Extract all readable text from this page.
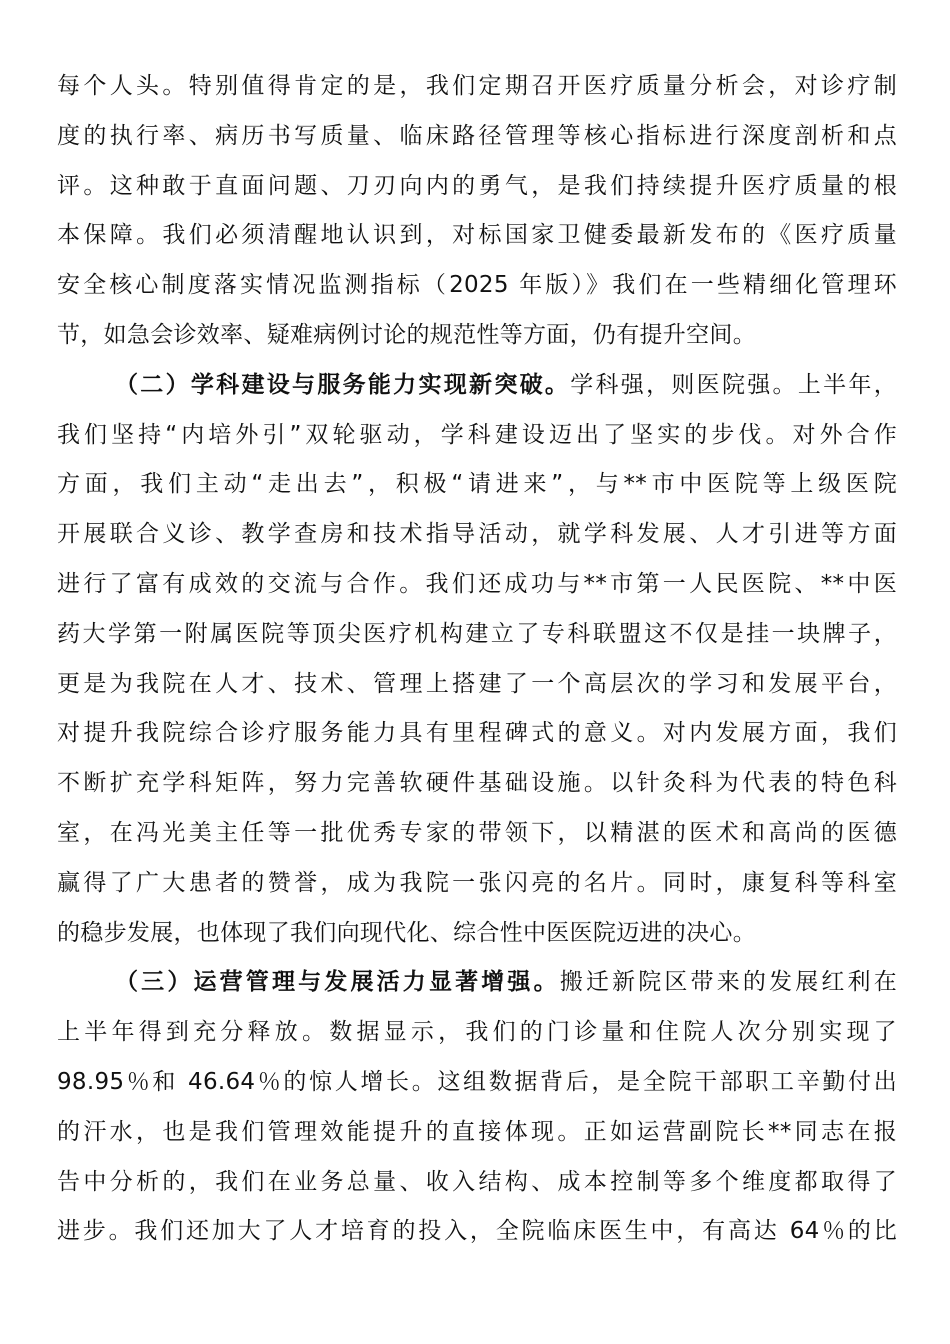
每个人头。特别值得肯定的是，我们定期召开医疗质量分析会，对诊疗制
度的执行率、病历书写质量、临床路径管理等核心指标进行深度剖析和点
评。这种敢于直面问题、刀刃向内的勇气，是我们持续提升医疗质量的根
本保障。我们必须清醒地认识到，对标国家卫健委最新发布的《医疗质量
安全核心制度落实情况监测指标（2025 年版）》我们在一些精细化管理环
节，如急会诊效率、疑难病例讨论的规范性等方面，仍有提升空间。
（二）学科建设与服务能力实现新突破。学科强，则医院强。上半年，
我们坚持“内培外引”双轮驱动，学科建设迈出了坚实的步伐。对外合作
方面，我们主动“走出去”，积极“请进来”，与**市中医院等上级医院
开展联合义诊、教学查房和技术指导活动，就学科发展、人才引进等方面
进行了富有成效的交流与合作。我们还成功与**市第一人民医院、**中医
药大学第一附属医院等顶尖医疗机构建立了专科联盟这不仅是挂一块牌子，
更是为我院在人才、技术、管理上搭建了一个高层次的学习和发展平台，
对提升我院综合诊疗服务能力具有里程碑式的意义。对内发展方面，我们
不断扩充学科矩阵，努力完善软硬件基础设施。以针灸科为代表的特色科
室，在冯光美主任等一批优秀专家的带领下，以精湛的医术和高尚的医德
赢得了广大患者的赞誉，成为我院一张闪亮的名片。同时，康复科等科室
的稳步发展，也体现了我们向现代化、综合性中医医院迈进的决心。
（三）运营管理与发展活力显著增强。搬迁新院区带来的发展红利在
上半年得到充分释放。数据显示，我们的门诊量和住院人次分别实现了
98.95％和 46.64％的惊人增长。这组数据背后，是全院干部职工辛勤付出
的汗水，也是我们管理效能提升的直接体现。正如运营副院长**同志在报
告中分析的，我们在业务总量、收入结构、成本控制等多个维度都取得了
进步。我们还加大了人才培育的投入，全院临床医生中，有高达 64％的比
